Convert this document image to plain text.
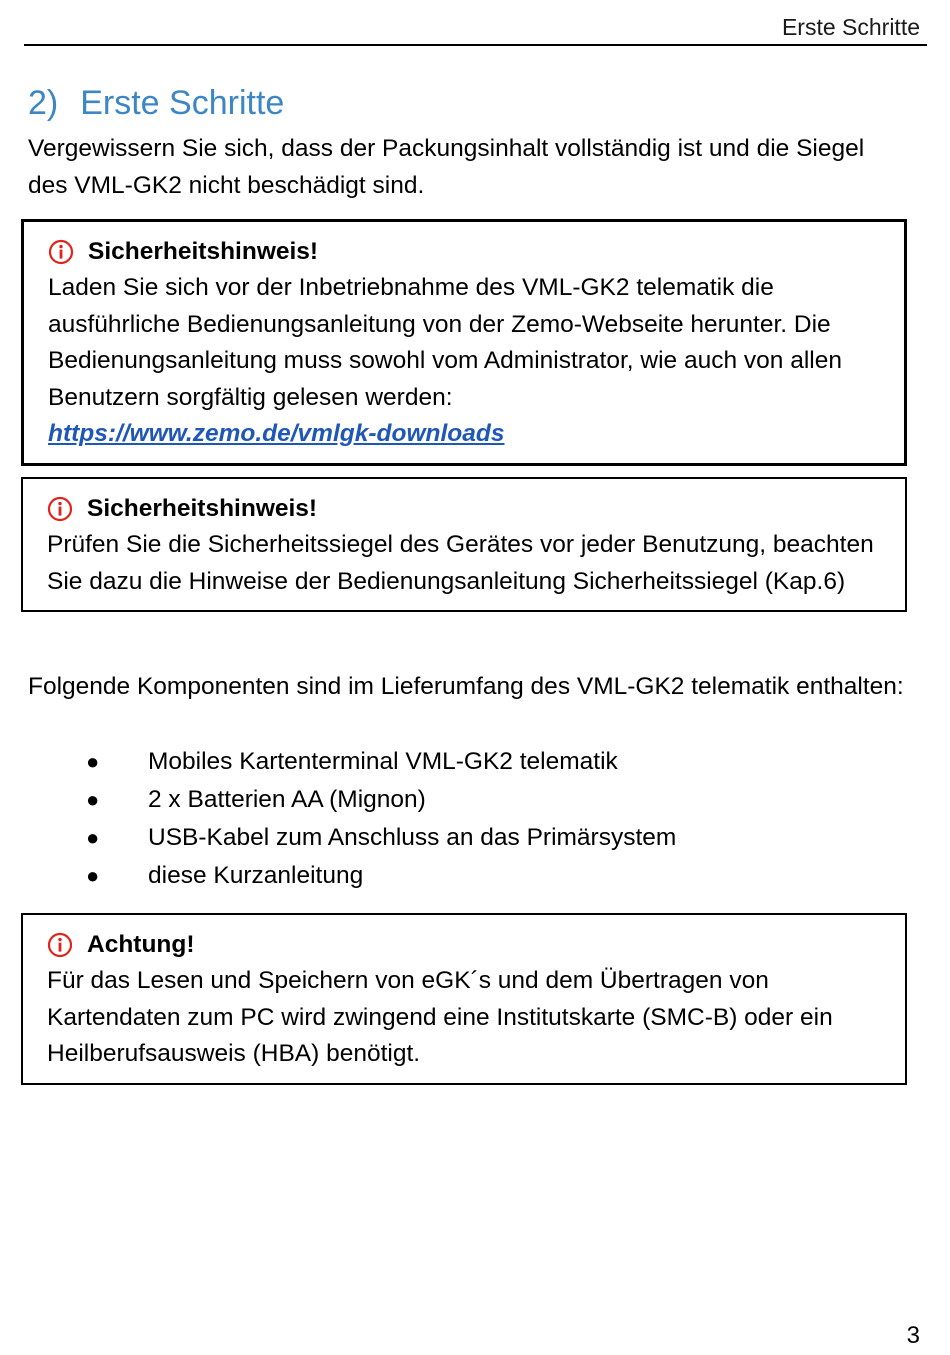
Erste Schritte
2) Erste Schritte

Vergewissern Sie sich, dass der Packungsinhalt vollständig ist und die Siegel des VML-GK2 nicht beschädigt sind.

Sicherheitshinweis!

Laden Sie sich vor der Inbetriebnahme des VML-GK2 telematik die ausführliche Bedienungsanleitung von der Zemo-Webseite herunter. Die Bedienungsanleitung muss sowohl vom Administrator, wie auch von allen Benutzern sorgfältig gelesen werden:

https://www.zemo.de/vmlgk-downloads
Sicherheitshinweis!

Prüfen Sie die Sicherheitssiegel des Gerätes vor jeder Benutzung, beachten Sie dazu die Hinweise der Bedienungsanleitung Sicherheitssiegel (Kap.6)

Folgende Komponenten sind im Lieferumfang des VML-GK2 telematik enthalten:

●	Mobiles Kartenterminal VML-GK2 telematik
●	2 x Batterien AA (Mignon)
●	USB-Kabel zum Anschluss an das Primärsystem
●	diese Kurzanleitung
Achtung!

Für das Lesen und Speichern von eGK´s und dem Übertragen von Kartendaten zum PC wird zwingend eine Institutskarte (SMC-B) oder ein Heilberufsausweis (HBA) benötigt.

3
